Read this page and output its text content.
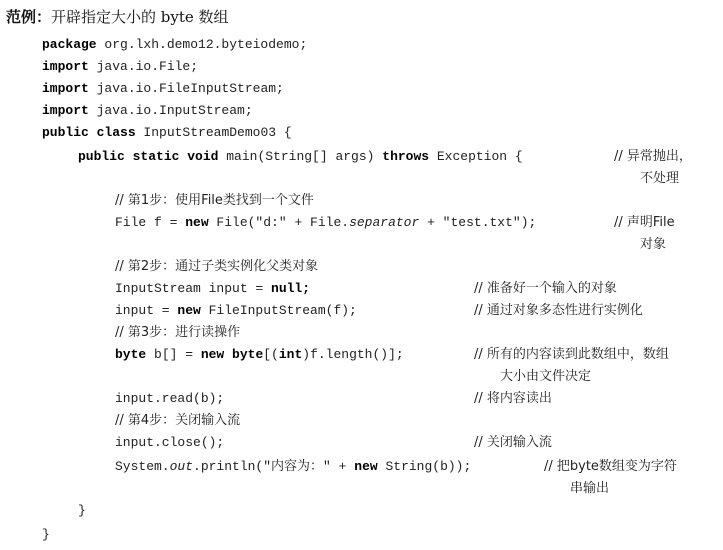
范例：开辟指定大小的 byte 数组
package org.lxh.demo12.byteiodemo;
import java.io.File;
import java.io.FileInputStream;
import java.io.InputStream;
public class InputStreamDemo03 {
public static void main(String[] args) throws Exception {	// 异常抛出，
不处理
// 第1步：使用File类找到一个文件
File f = new File("d:" + File.separator + "test.txt");	// 声明File
对象
// 第2步：通过子类实例化父类对象
InputStream input = null;	// 准备好一个输入的对象
input = new FileInputStream(f);	// 通过对象多态性进行实例化
// 第3步：进行读操作
byte b[] = new byte[(int)f.length()];	// 所有的内容读到此数组中，数组
大小由文件决定
input.read(b);	// 将内容读出
// 第4步：关闭输入流
input.close();	// 关闭输入流
System.out.println("内容为：" + new String(b));	// 把byte数组变为字符
串输出
}
}
